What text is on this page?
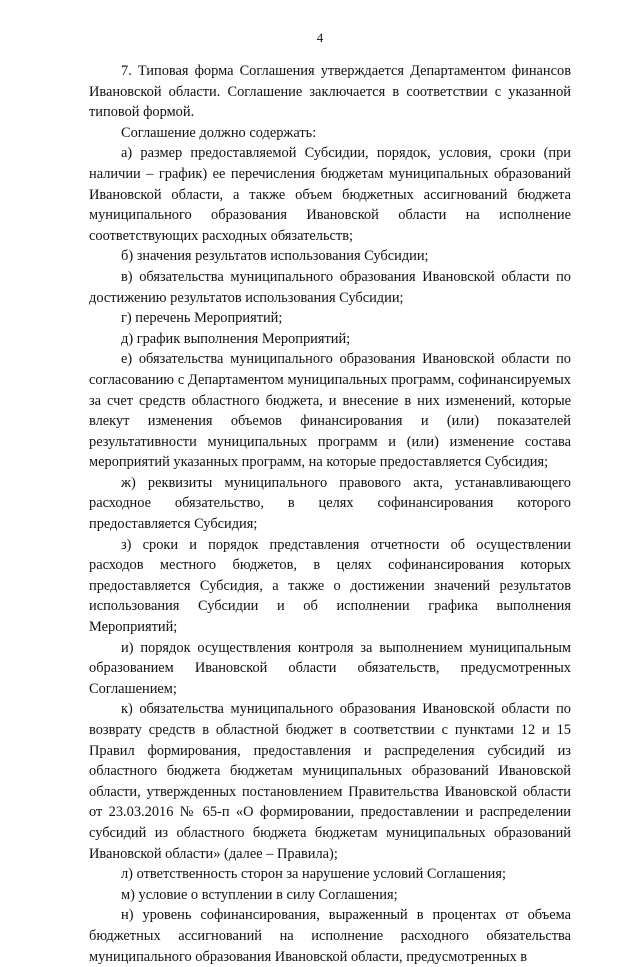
4

7. Типовая форма Соглашения утверждается Департаментом финансов Ивановской области. Соглашение заключается в соответствии с указанной типовой формой.

Соглашение должно содержать:

а) размер предоставляемой Субсидии, порядок, условия, сроки (при наличии – график) ее перечисления бюджетам муниципальных образований Ивановской области, а также объем бюджетных ассигнований бюджета муниципального образования Ивановской области на исполнение соответствующих расходных обязательств;

б) значения результатов использования Субсидии;

в) обязательства муниципального образования Ивановской области по достижению результатов использования Субсидии;

г) перечень Мероприятий;

д) график выполнения Мероприятий;

е) обязательства муниципального образования Ивановской области по согласованию с Департаментом муниципальных программ, софинансируемых за счет средств областного бюджета, и внесение в них изменений, которые влекут изменения объемов финансирования и (или) показателей результативности муниципальных программ и (или) изменение состава мероприятий указанных программ, на которые предоставляется Субсидия;

ж) реквизиты муниципального правового акта, устанавливающего расходное обязательство, в целях софинансирования которого предоставляется Субсидия;

з) сроки и порядок представления отчетности об осуществлении расходов местного бюджетов, в целях софинансирования которых предоставляется Субсидия, а также о достижении значений результатов использования Субсидии и об исполнении графика выполнения Мероприятий;

и) порядок осуществления контроля за выполнением муниципальным образованием Ивановской области обязательств, предусмотренных Соглашением;

к) обязательства муниципального образования Ивановской области по возврату средств в областной бюджет в соответствии с пунктами 12 и 15 Правил формирования, предоставления и распределения субсидий из областного бюджета бюджетам муниципальных образований Ивановской области, утвержденных постановлением Правительства Ивановской области от 23.03.2016 № 65-п «О формировании, предоставлении и распределении субсидий из областного бюджета бюджетам муниципальных образований Ивановской области» (далее – Правила);

л) ответственность сторон за нарушение условий Соглашения;

м) условие о вступлении в силу Соглашения;

н) уровень софинансирования, выраженный в процентах от объема бюджетных ассигнований на исполнение расходного обязательства муниципального образования Ивановской области, предусмотренных в
